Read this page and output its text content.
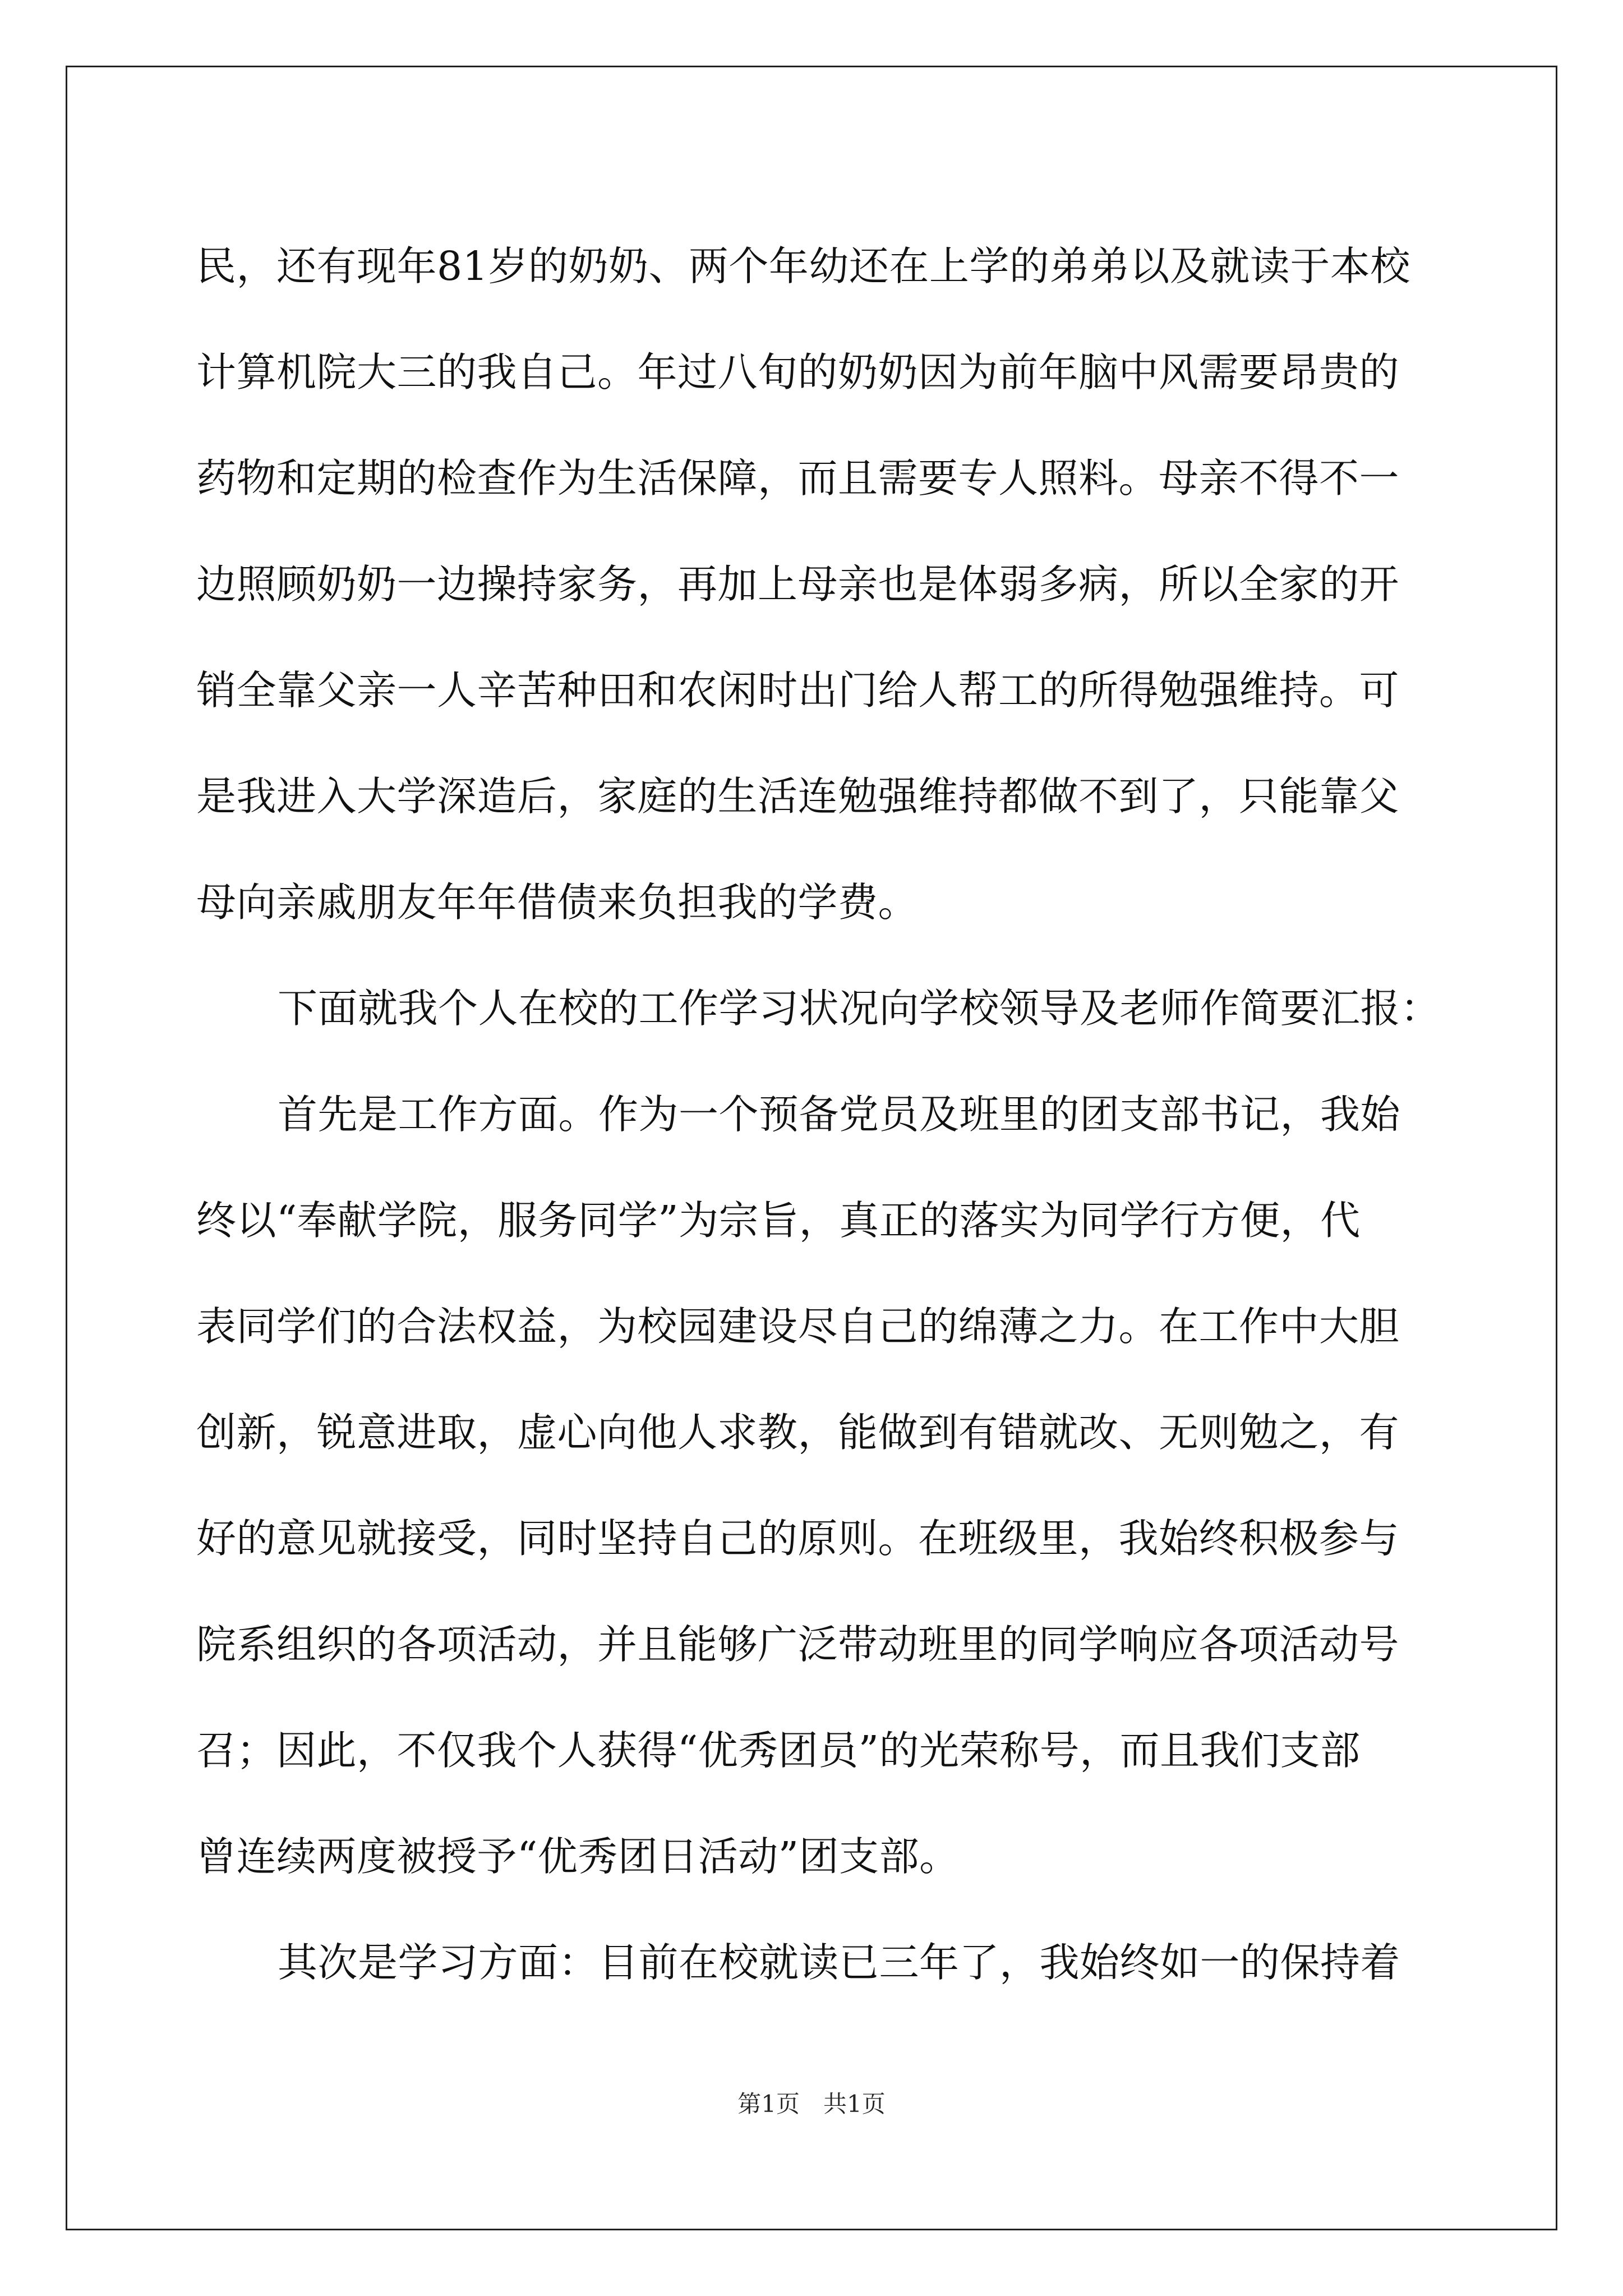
民，还有现年81岁的奶奶、两个年幼还在上学的弟弟以及就读于本校
计算机院大三的我自己。年过八旬的奶奶因为前年脑中风需要昂贵的
药物和定期的检查作为生活保障，而且需要专人照料。母亲不得不一
边照顾奶奶一边操持家务，再加上母亲也是体弱多病，所以全家的开
销全靠父亲一人辛苦种田和农闲时出门给人帮工的所得勉强维持。可
是我进入大学深造后，家庭的生活连勉强维持都做不到了，只能靠父
母向亲戚朋友年年借债来负担我的学费。
下面就我个人在校的工作学习状况向学校领导及老师作简要汇报：
首先是工作方面。作为一个预备党员及班里的团支部书记，我始
终以“奉献学院，服务同学”为宗旨，真正的落实为同学行方便，代
表同学们的合法权益，为校园建设尽自己的绵薄之力。在工作中大胆
创新，锐意进取，虚心向他人求教，能做到有错就改、无则勉之，有
好的意见就接受，同时坚持自己的原则。在班级里，我始终积极参与
院系组织的各项活动，并且能够广泛带动班里的同学响应各项活动号
召；因此，不仅我个人获得“优秀团员”的光荣称号，而且我们支部
曾连续两度被授予“优秀团日活动”团支部。
其次是学习方面：目前在校就读已三年了，我始终如一的保持着
第1页　共1页
